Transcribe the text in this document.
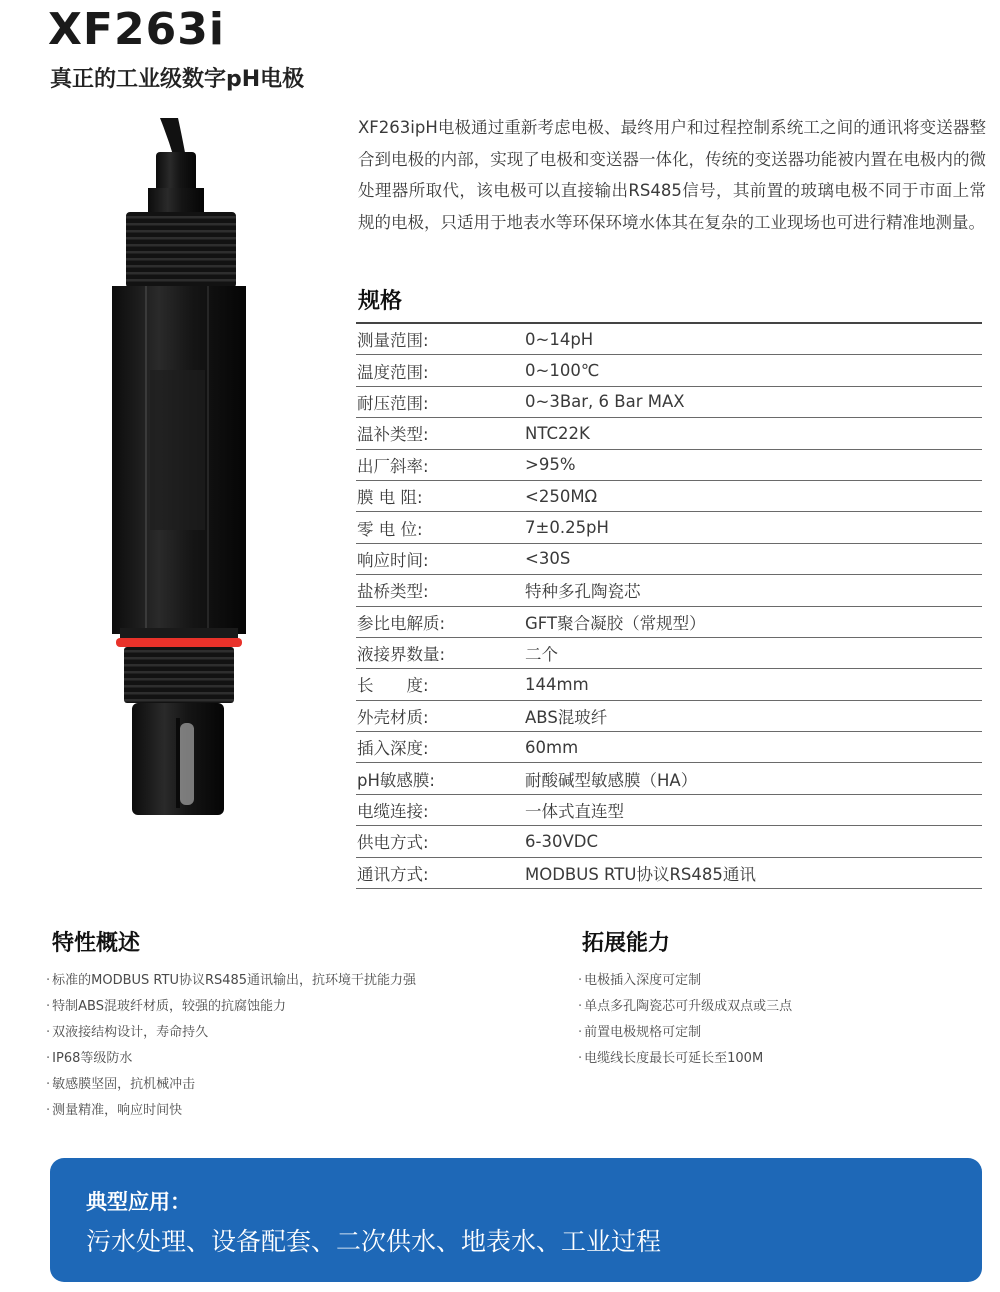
XF263i
真正的工业级数字pH电极

XF263ipH电极通过重新考虑电极、最终用户和过程控制系统工之间的通讯将变送器整合到电极的内部，实现了电极和变送器一体化，传统的变送器功能被内置在电极内的微处理器所取代，该电极可以直接输出RS485信号，其前置的玻璃电极不同于市面上常规的电极，只适用于地表水等环保环境水体其在复杂的工业现场也可进行精准地测量。

规格
测量范围:	0~14pH
温度范围:	0~100℃
耐压范围:	0~3Bar, 6 Bar MAX
温补类型:	NTC22K
出厂斜率:	>95%
膜 电 阻:	<250MΩ
零 电 位:	7±0.25pH
响应时间:	<30S
盐桥类型:	特种多孔陶瓷芯
参比电解质:	GFT聚合凝胶（常规型）
液接界数量:	二个
长　　度:	144mm
外壳材质:	ABS混玻纤
插入深度:	60mm
pH敏感膜:	耐酸碱型敏感膜（HA）
电缆连接:	一体式直连型
供电方式:	6-30VDC
通讯方式:	MODBUS RTU协议RS485通讯
特性概述
· 标准的MODBUS RTU协议RS485通讯输出，抗环境干扰能力强
· 特制ABS混玻纤材质，较强的抗腐蚀能力
· 双液接结构设计，寿命持久
· IP68等级防水
· 敏感膜坚固，抗机械冲击
· 测量精准，响应时间快
拓展能力
· 电极插入深度可定制
· 单点多孔陶瓷芯可升级成双点或三点
· 前置电极规格可定制
· 电缆线长度最长可延长至100M

典型应用：

污水处理、设备配套、二次供水、地表水、工业过程
